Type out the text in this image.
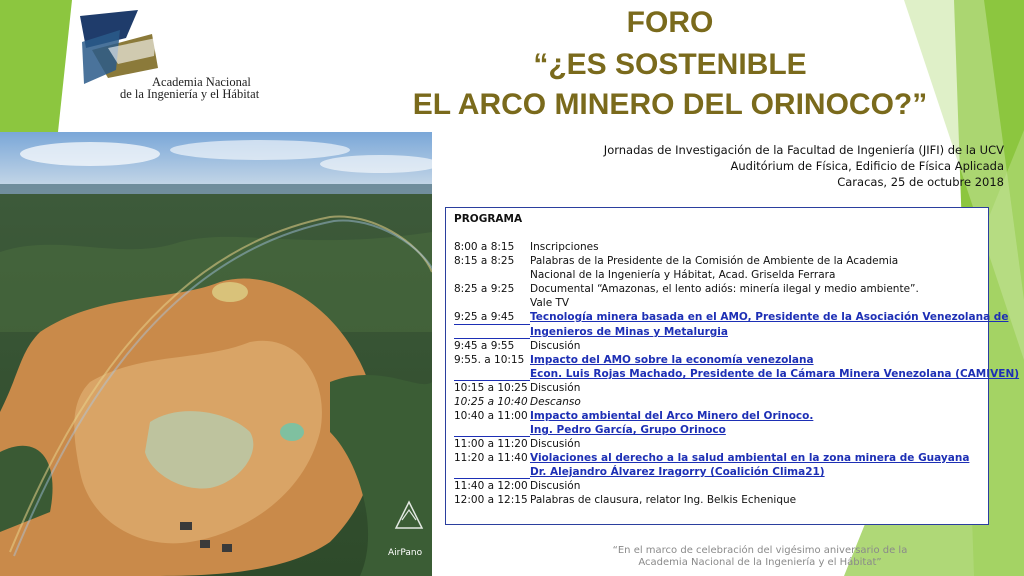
Academia Nacional
de la Ingeniería y el Hábitat
FORO
“¿ES SOSTENIBLE
EL ARCO MINERO DEL ORINOCO?”
AirPano
Jornadas de Investigación de la Facultad de Ingeniería (JIFI) de la UCV
Auditórium de Física, Edificio de Física Aplicada
Caracas, 25 de octubre 2018
PROGRAMA
8:00 a 8:15	Inscripciones
8:15 a 8:25	Palabras de la Presidente de la Comisión de Ambiente de la Academia
Nacional de la Ingeniería y Hábitat, Acad. Griselda Ferrara
8:25 a 9:25	Documental “Amazonas, el lento adiós: minería ilegal y medio ambiente”.
Vale TV
9:25 a 9:45	Tecnología minera basada en el AMO, Presidente de la Asociación Venezolana de
Ingenieros de Minas y Metalurgia
9:45 a 9:55	Discusión
9:55. a 10:15 Impacto del AMO sobre la economía venezolana
Econ. Luis Rojas Machado, Presidente de la Cámara Minera Venezolana (CAMIVEN)
10:15 a 10:25 Discusión
10:25 a 10:40 Descanso
10:40 a 11:00 Impacto ambiental del Arco Minero del Orinoco.
Ing. Pedro García, Grupo Orinoco
11:00 a 11:20 Discusión
11:20 a 11:40 Violaciones al derecho a la salud ambiental en la zona minera de Guayana
Dr. Alejandro Álvarez Iragorry (Coalición Clima21)
11:40 a 12:00 Discusión
12:00 a 12:15 Palabras de clausura, relator Ing. Belkis Echenique
“En el marco de celebración del vigésimo aniversario de la
Academia Nacional de la Ingeniería y el Hábitat”
